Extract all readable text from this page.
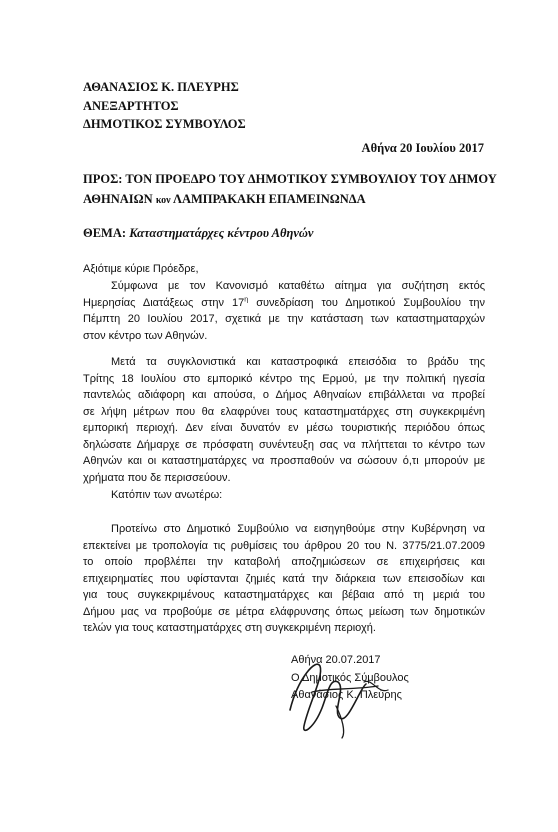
ΑΘΑΝΑΣΙΟΣ Κ. ΠΛΕΥΡΗΣ
ΑΝΕΞΑΡΤΗΤΟΣ
ΔΗΜΟΤΙΚΟΣ ΣΥΜΒΟΥΛΟΣ
Αθήνα 20 Ιουλίου 2017
ΠΡΟΣ: ΤΟΝ ΠΡΟΕΔΡΟ ΤΟΥ ΔΗΜΟΤΙΚΟΥ ΣΥΜΒΟΥΛΙΟΥ ΤΟΥ ΔΗΜΟΥ
ΑΘΗΝΑΙΩΝ κον ΛΑΜΠΡΑΚΑΚΗ ΕΠΑΜΕΙΝΩΝΔΑ
ΘΕΜΑ: Καταστηματάρχες κέντρου Αθηνών
Αξιότιμε κύριε Πρόεδρε,
Σύμφωνα με τον Κανονισμό καταθέτω αίτημα για συζήτηση εκτός
Ημερησίας Διατάξεως στην $17^\eta$ συνεδρίαση του Δημοτικού Συμβουλίου την
Πέμπτη 20 Ιουλίου 2017, σχετικά με την κατάσταση των καταστηματαρχών
στον κέντρο των Αθηνών.
Μετά τα συγκλονιστικά και καταστροφικά επεισόδια το βράδυ της
Τρίτης 18 Ιουλίου στο εμπορικό κέντρο της Ερμού, με την πολιτική ηγεσία
παντελώς αδιάφορη και απούσα, ο Δήμος Αθηναίων επιβάλλεται να προβεί
σε λήψη μέτρων που θα ελαφρύνει τους καταστηματάρχες στη συγκεκριμένη
εμπορική περιοχή. Δεν είναι δυνατόν εν μέσω τουριστικής περιόδου όπως
δηλώσατε Δήμαρχε σε πρόσφατη συνέντευξη σας να πλήττεται το κέντρο των
Αθηνών και οι καταστηματάρχες να προσπαθούν να σώσουν ό,τι μπορούν με
χρήματα που δε περισσεύουν.
Κατόπιν των ανωτέρω:
Προτείνω στο Δημοτικό Συμβούλιο να εισηγηθούμε στην Κυβέρνηση να
επεκτείνει με τροπολογία τις ρυθμίσεις του άρθρου 20 του Ν. 3775/21.07.2009
το οποίο προβλέπει την καταβολή αποζημιώσεων σε επιχειρήσεις και
επιχειρηματίες που υφίστανται ζημιές κατά την διάρκεια των επεισοδίων και
για τους συγκεκριμένους καταστηματάρχες και βέβαια από τη μεριά του
Δήμου μας να προβούμε σε μέτρα ελάφρυνσης όπως μείωση των δημοτικών
τελών για τους καταστηματάρχες στη συγκεκριμένη περιοχή.
Αθήνα 20.07.2017
Ο Δημοτικός Σύμβουλος
Αθανάσιος Κ. Πλεύρης
